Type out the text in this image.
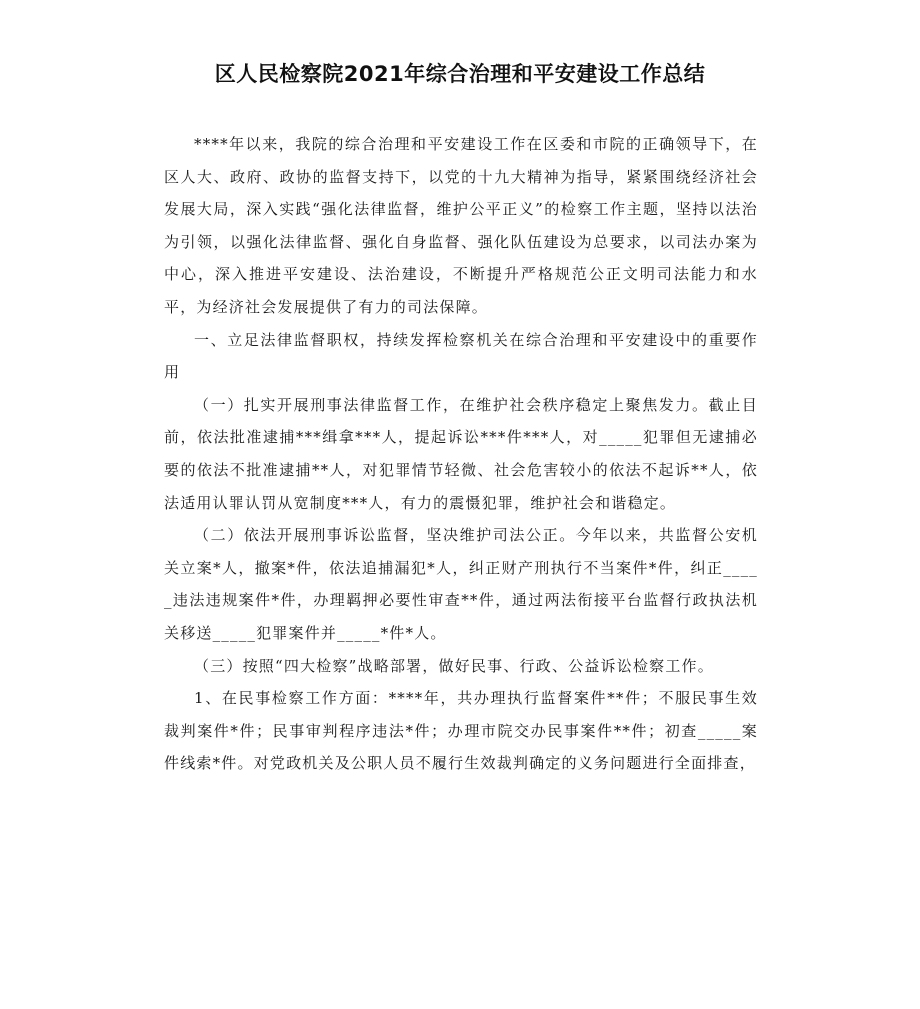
区人民检察院2021年综合治理和平安建设工作总结

****年以来，我院的综合治理和平安建设工作在区委和市院的正确领导下，在区人大、政府、政协的监督支持下，以党的十九大精神为指导，紧紧围绕经济社会发展大局，深入实践“强化法律监督，维护公平正义”的检察工作主题，坚持以法治为引领，以强化法律监督、强化自身监督、强化队伍建设为总要求，以司法办案为中心，深入推进平安建设、法治建设，不断提升严格规范公正文明司法能力和水平，为经济社会发展提供了有力的司法保障。

一、立足法律监督职权，持续发挥检察机关在综合治理和平安建设中的重要作用

（一）扎实开展刑事法律监督工作，在维护社会秩序稳定上聚焦发力。截止目前，依法批准逮捕***缉拿***人，提起诉讼***件***人，对_____犯罪但无逮捕必要的依法不批准逮捕**人，对犯罪情节轻微、社会危害较小的依法不起诉**人，依法适用认罪认罚从宽制度***人，有力的震慑犯罪，维护社会和谐稳定。

（二）依法开展刑事诉讼监督，坚决维护司法公正。今年以来，共监督公安机关立案*人，撤案*件，依法追捕漏犯*人，纠正财产刑执行不当案件*件，纠正_____违法违规案件*件，办理羁押必要性审查**件，通过两法衔接平台监督行政执法机关移送_____犯罪案件并_____*件*人。

（三）按照“四大检察”战略部署，做好民事、行政、公益诉讼检察工作。

1、在民事检察工作方面：****年，共办理执行监督案件**件；不服民事生效裁判案件*件；民事审判程序违法*件；办理市院交办民事案件**件；初查_____案件线索*件。对党政机关及公职人员不履行生效裁判确定的义务问题进行全面排查，
